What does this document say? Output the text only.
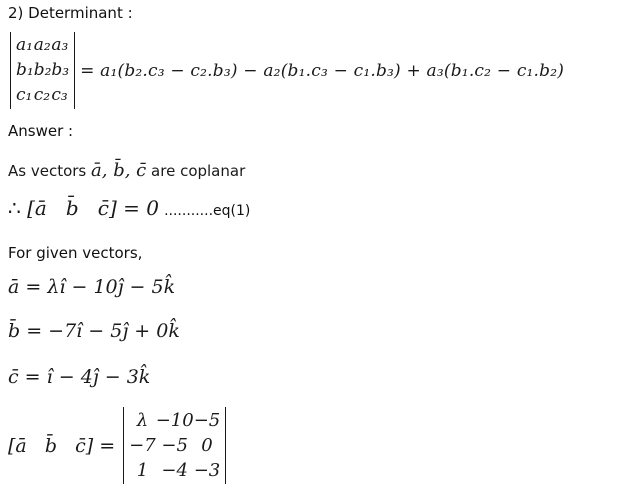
2) Determinant :
a₁	a₂	a₃
b₁	b₂	b₃
c₁	c₂	c₃
= a₁(b₂.c₃ − c₂.b₃) − a₂(b₁.c₃ − c₁.b₃) + a₃(b₁.c₂ − c₁.b₂)
Answer :
As vectors ā, b̄, c̄ are coplanar
∴ [ā   b̄   c̄] = 0 ...........eq(1)
For given vectors,
ā = λî − 10ĵ − 5k̂
b̄ = −7î − 5ĵ + 0k̂
c̄ = î − 4ĵ − 3k̂
[ā   b̄   c̄] =
λ	−10	−5
−7	−5	0
1	−4	−3
